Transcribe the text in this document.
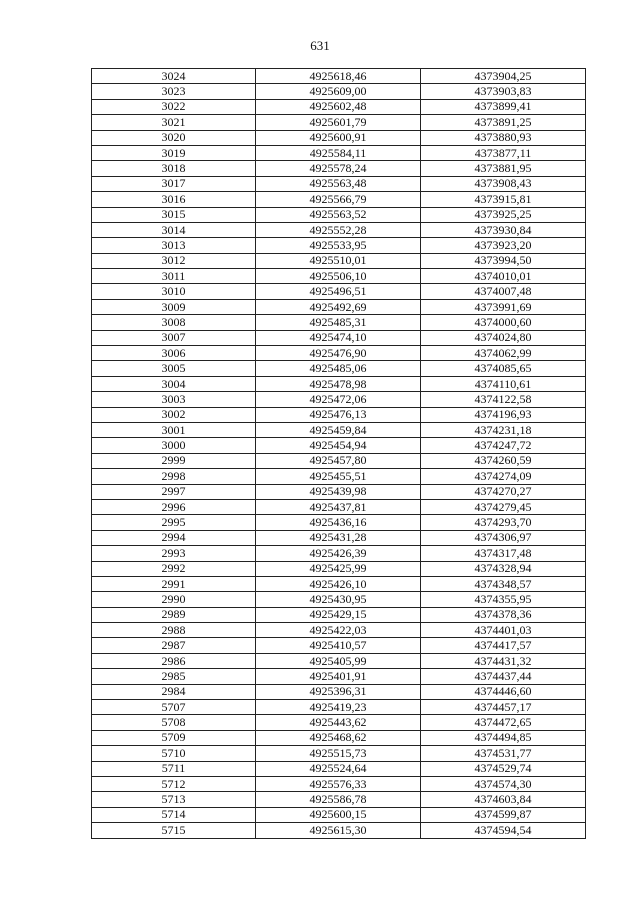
631
3024	4925618,46	4373904,25
3023	4925609,00	4373903,83
3022	4925602,48	4373899,41
3021	4925601,79	4373891,25
3020	4925600,91	4373880,93
3019	4925584,11	4373877,11
3018	4925578,24	4373881,95
3017	4925563,48	4373908,43
3016	4925566,79	4373915,81
3015	4925563,52	4373925,25
3014	4925552,28	4373930,84
3013	4925533,95	4373923,20
3012	4925510,01	4373994,50
3011	4925506,10	4374010,01
3010	4925496,51	4374007,48
3009	4925492,69	4373991,69
3008	4925485,31	4374000,60
3007	4925474,10	4374024,80
3006	4925476,90	4374062,99
3005	4925485,06	4374085,65
3004	4925478,98	4374110,61
3003	4925472,06	4374122,58
3002	4925476,13	4374196,93
3001	4925459,84	4374231,18
3000	4925454,94	4374247,72
2999	4925457,80	4374260,59
2998	4925455,51	4374274,09
2997	4925439,98	4374270,27
2996	4925437,81	4374279,45
2995	4925436,16	4374293,70
2994	4925431,28	4374306,97
2993	4925426,39	4374317,48
2992	4925425,99	4374328,94
2991	4925426,10	4374348,57
2990	4925430,95	4374355,95
2989	4925429,15	4374378,36
2988	4925422,03	4374401,03
2987	4925410,57	4374417,57
2986	4925405,99	4374431,32
2985	4925401,91	4374437,44
2984	4925396,31	4374446,60
5707	4925419,23	4374457,17
5708	4925443,62	4374472,65
5709	4925468,62	4374494,85
5710	4925515,73	4374531,77
5711	4925524,64	4374529,74
5712	4925576,33	4374574,30
5713	4925586,78	4374603,84
5714	4925600,15	4374599,87
5715	4925615,30	4374594,54
